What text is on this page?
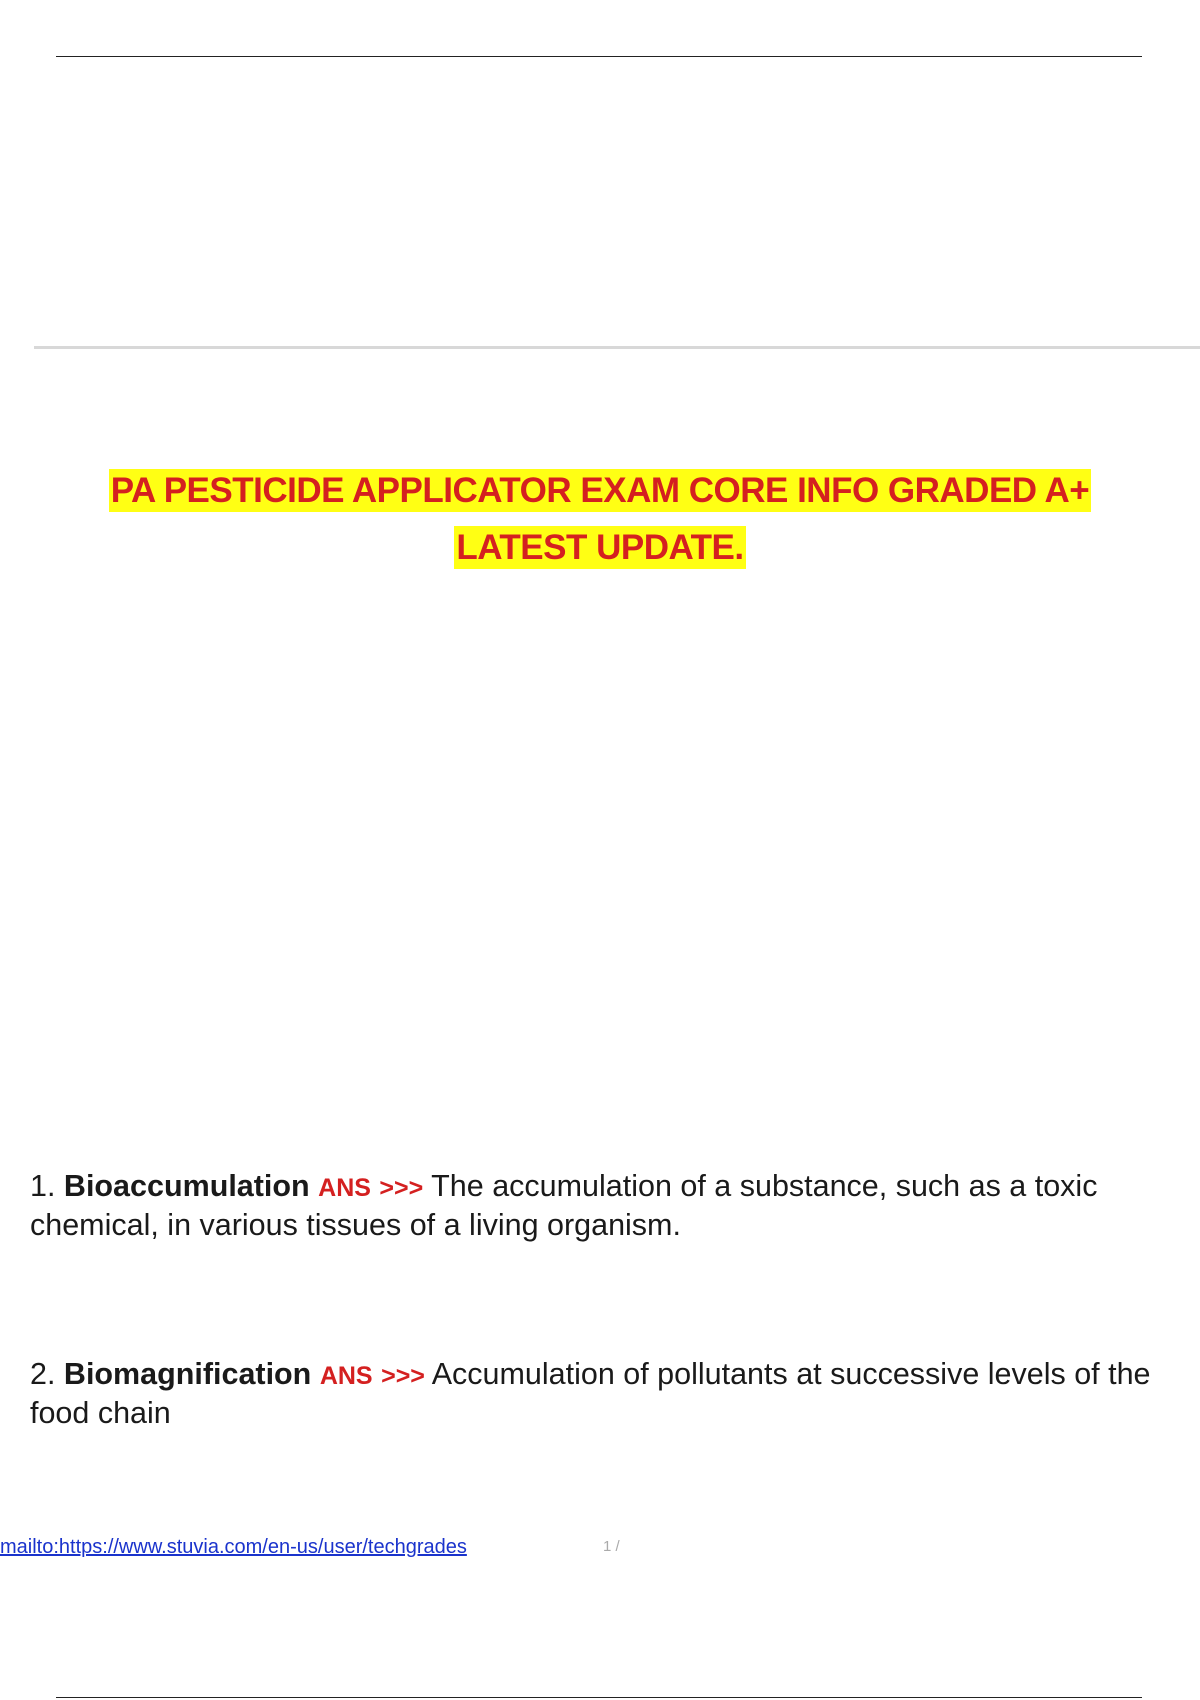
PA PESTICIDE APPLICATOR EXAM CORE INFO GRADED A+
LATEST UPDATE.
1. Bioaccumulation ANS >>> The accumulation of a substance, such as a toxic chemical, in various tissues of a living organism.
2. Biomagnification ANS >>> Accumulation of pollutants at successive levels of the food chain
mailto:https://www.stuvia.com/en-us/user/techgrades	1 /
